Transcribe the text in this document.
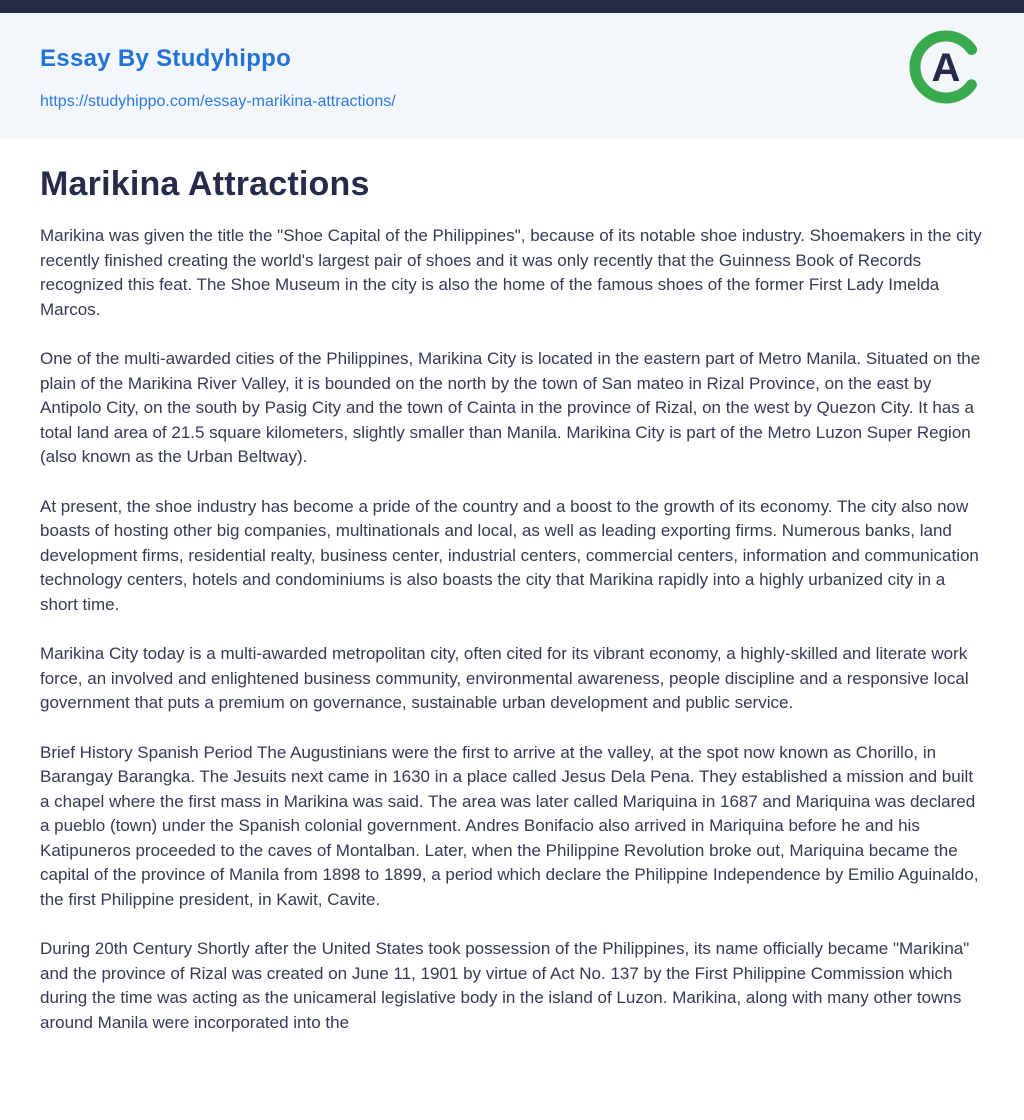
Essay By Studyhippo
https://studyhippo.com/essay-marikina-attractions/
A
Marikina Attractions

Marikina was given the title the "Shoe Capital of the Philippines", because of its notable shoe industry. Shoemakers in the city recently finished creating the world's largest pair of shoes and it was only recently that the Guinness Book of Records recognized this feat. The Shoe Museum in the city is also the home of the famous shoes of the former First Lady Imelda Marcos.

One of the multi-awarded cities of the Philippines, Marikina City is located in the eastern part of Metro Manila. Situated on the plain of the Marikina River Valley, it is bounded on the north by the town of San mateo in Rizal Province, on the east by Antipolo City, on the south by Pasig City and the town of Cainta in the province of Rizal, on the west by Quezon City. It has a total land area of 21.5 square kilometers, slightly smaller than Manila. Marikina City is part of the Metro Luzon Super Region (also known as the Urban Beltway).

At present, the shoe industry has become a pride of the country and a boost to the growth of its economy. The city also now boasts of hosting other big companies, multinationals and local, as well as leading exporting firms. Numerous banks, land development firms, residential realty, business center, industrial centers, commercial centers, information and communication technology centers, hotels and condominiums is also boasts the city that Marikina rapidly into a highly urbanized city in a short time.

Marikina City today is a multi-awarded metropolitan city, often cited for its vibrant economy, a highly-skilled and literate work force, an involved and enlightened business community, environmental awareness, people discipline and a responsive local government that puts a premium on governance, sustainable urban development and public service.

Brief History Spanish Period The Augustinians were the first to arrive at the valley, at the spot now known as Chorillo, in Barangay Barangka. The Jesuits next came in 1630 in a place called Jesus Dela Pena. They established a mission and built a chapel where the first mass in Marikina was said. The area was later called Mariquina in 1687 and Mariquina was declared a pueblo (town) under the Spanish colonial government. Andres Bonifacio also arrived in Mariquina before he and his Katipuneros proceeded to the caves of Montalban. Later, when the Philippine Revolution broke out, Mariquina became the capital of the province of Manila from 1898 to 1899, a period which declare the Philippine Independence by Emilio Aguinaldo, the first Philippine president, in Kawit, Cavite.

During 20th Century Shortly after the United States took possession of the Philippines, its name officially became "Marikina" and the province of Rizal was created on June 11, 1901 by virtue of Act No. 137 by the First Philippine Commission which during the time was acting as the unicameral legislative body in the island of Luzon. Marikina, along with many other towns around Manila were incorporated into the
